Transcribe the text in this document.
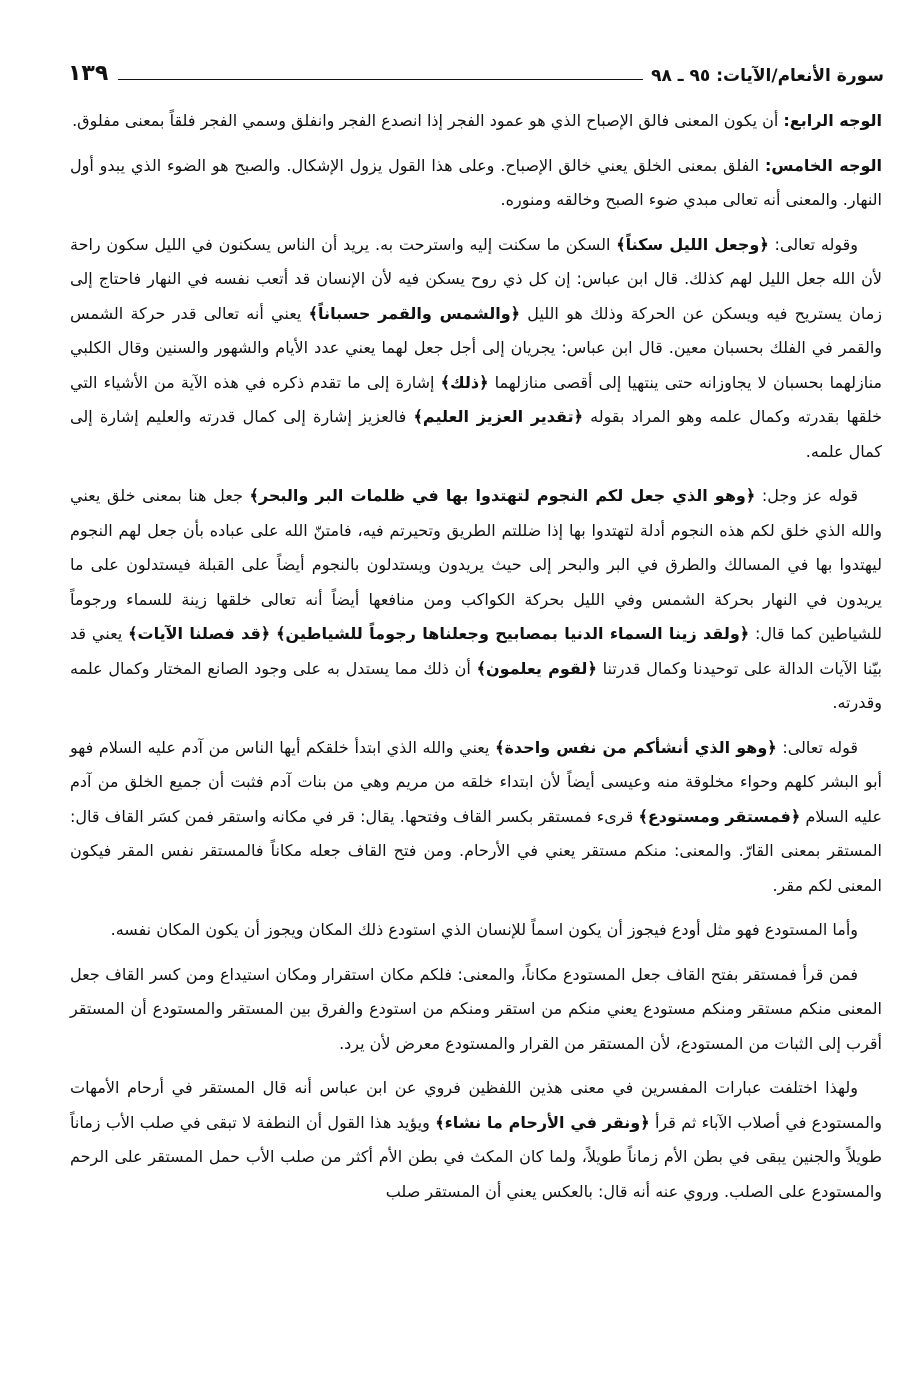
سورة الأنعام/الآيات: ٩٥ ـ ٩٨
١٣٩

الوجه الرابع: أن يكون المعنى فالق الإصباح الذي هو عمود الفجر إذا انصدع الفجر وانفلق وسمي الفجر فلقاً بمعنى مفلوق.

الوجه الخامس: الفلق بمعنى الخلق يعني خالق الإصباح. وعلى هذا القول يزول الإشكال. والصبح هو الضوء الذي يبدو أول النهار. والمعنى أنه تعالى مبدي ضوء الصبح وخالقه ومنوره.

وقوله تعالى: ﴿وجعل الليل سكناً﴾ السكن ما سكنت إليه واسترحت به. يريد أن الناس يسكنون في الليل سكون راحة لأن الله جعل الليل لهم كذلك. قال ابن عباس: إن كل ذي روح يسكن فيه لأن الإنسان قد أتعب نفسه في النهار فاحتاج إلى زمان يستريح فيه ويسكن عن الحركة وذلك هو الليل ﴿والشمس والقمر حسباناً﴾ يعني أنه تعالى قدر حركة الشمس والقمر في الفلك بحسبان معين. قال ابن عباس: يجريان إلى أجل جعل لهما يعني عدد الأيام والشهور والسنين وقال الكلبي منازلهما بحسبان لا يجاوزانه حتى ينتهيا إلى أقصى منازلهما ﴿ذلك﴾ إشارة إلى ما تقدم ذكره في هذه الآية من الأشياء التي خلقها بقدرته وكمال علمه وهو المراد بقوله ﴿تقدير العزيز العليم﴾ فالعزيز إشارة إلى كمال قدرته والعليم إشارة إلى كمال علمه.

قوله عز وجل: ﴿وهو الذي جعل لكم النجوم لتهتدوا بها في ظلمات البر والبحر﴾ جعل هنا بمعنى خلق يعني والله الذي خلق لكم هذه النجوم أدلة لتهتدوا بها إذا ضللتم الطريق وتحيرتم فيه، فامتنّ الله على عباده بأن جعل لهم النجوم ليهتدوا بها في المسالك والطرق في البر والبحر إلى حيث يريدون ويستدلون بالنجوم أيضاً على القبلة فيستدلون على ما يريدون في النهار بحركة الشمس وفي الليل بحركة الكواكب ومن منافعها أيضاً أنه تعالى خلقها زينة للسماء ورجوماً للشياطين كما قال: ﴿ولقد زينا السماء الدنيا بمصابيح وجعلناها رجوماً للشياطين﴾ ﴿قد فصلنا الآيات﴾ يعني قد بيّنا الآيات الدالة على توحيدنا وكمال قدرتنا ﴿لقوم يعلمون﴾ أن ذلك مما يستدل به على وجود الصانع المختار وكمال علمه وقدرته.

قوله تعالى: ﴿وهو الذي أنشأكم من نفس واحدة﴾ يعني والله الذي ابتدأ خلقكم أيها الناس من آدم عليه السلام فهو أبو البشر كلهم وحواء مخلوقة منه وعيسى أيضاً لأن ابتداء خلقه من مريم وهي من بنات آدم فثبت أن جميع الخلق من آدم عليه السلام ﴿فمستقر ومستودع﴾ قرىء فمستقر بكسر القاف وفتحها. يقال: قر في مكانه واستقر فمن كسَر القاف قال: المستقر بمعنى القارّ. والمعنى: منكم مستقر يعني في الأرحام. ومن فتح القاف جعله مكاناً فالمستقر نفس المقر فيكون المعنى لكم مقر.

وأما المستودع فهو مثل أودع فيجوز أن يكون اسماً للإنسان الذي استودع ذلك المكان ويجوز أن يكون المكان نفسه.

فمن قرأ فمستقر بفتح القاف جعل المستودع مكاناً، والمعنى: فلكم مكان استقرار ومكان استيداع ومن كسر القاف جعل المعنى منكم مستقر ومنكم مستودع يعني منكم من استقر ومنكم من استودع والفرق بين المستقر والمستودع أن المستقر أقرب إلى الثبات من المستودع، لأن المستقر من القرار والمستودع معرض لأن يرد.

ولهذا اختلفت عبارات المفسرين في معنى هذين اللفظين فروي عن ابن عباس أنه قال المستقر في أرحام الأمهات والمستودع في أصلاب الآباء ثم قرأ ﴿ونقر في الأرحام ما نشاء﴾ ويؤيد هذا القول أن النطفة لا تبقى في صلب الأب زماناً طويلاً والجنين يبقى في بطن الأم زماناً طويلاً، ولما كان المكث في بطن الأم أكثر من صلب الأب حمل المستقر على الرحم والمستودع على الصلب. وروي عنه أنه قال: بالعكس يعني أن المستقر صلب
